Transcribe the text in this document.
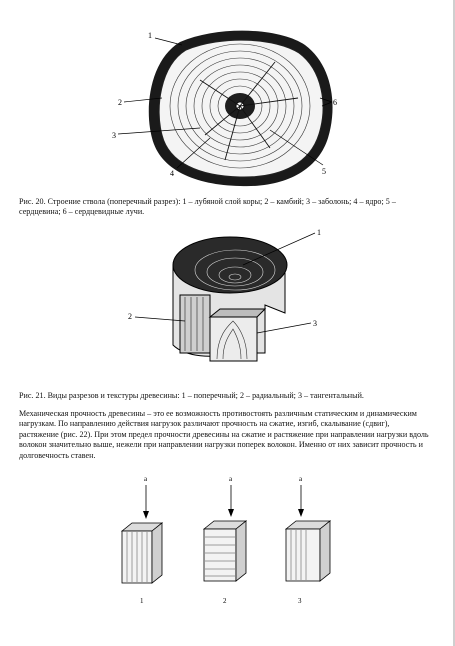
1
2
3
4	5
6
Рис. 20. Строение ствола (поперечный разрез): 1 – лубяной слой коры; 2 – камбий; 3 – заболонь; 4 – ядро; 5 – сердцевина; 6 – сердцевидные лучи.
1
2
3
Рис. 21. Виды разрезов и текстуры древесины: 1 – поперечный; 2 – радиальный; 3 – тангентальный.
Механическая прочность древесины – это ее возможность противостоять различным статическим и динамическим нагрузкам. По направлению действия нагрузок различают прочность на сжатие, изгиб, скалывание (сдвиг), растяжение (рис. 22). При этом предел прочности древесины на сжатие и растяжение при направлении нагрузки вдоль волокон значительно выше, нежели при направлении нагрузки поперек волокон. Именно от них зависит прочность и долговечность ставен.
a
1
a
2
a
3
